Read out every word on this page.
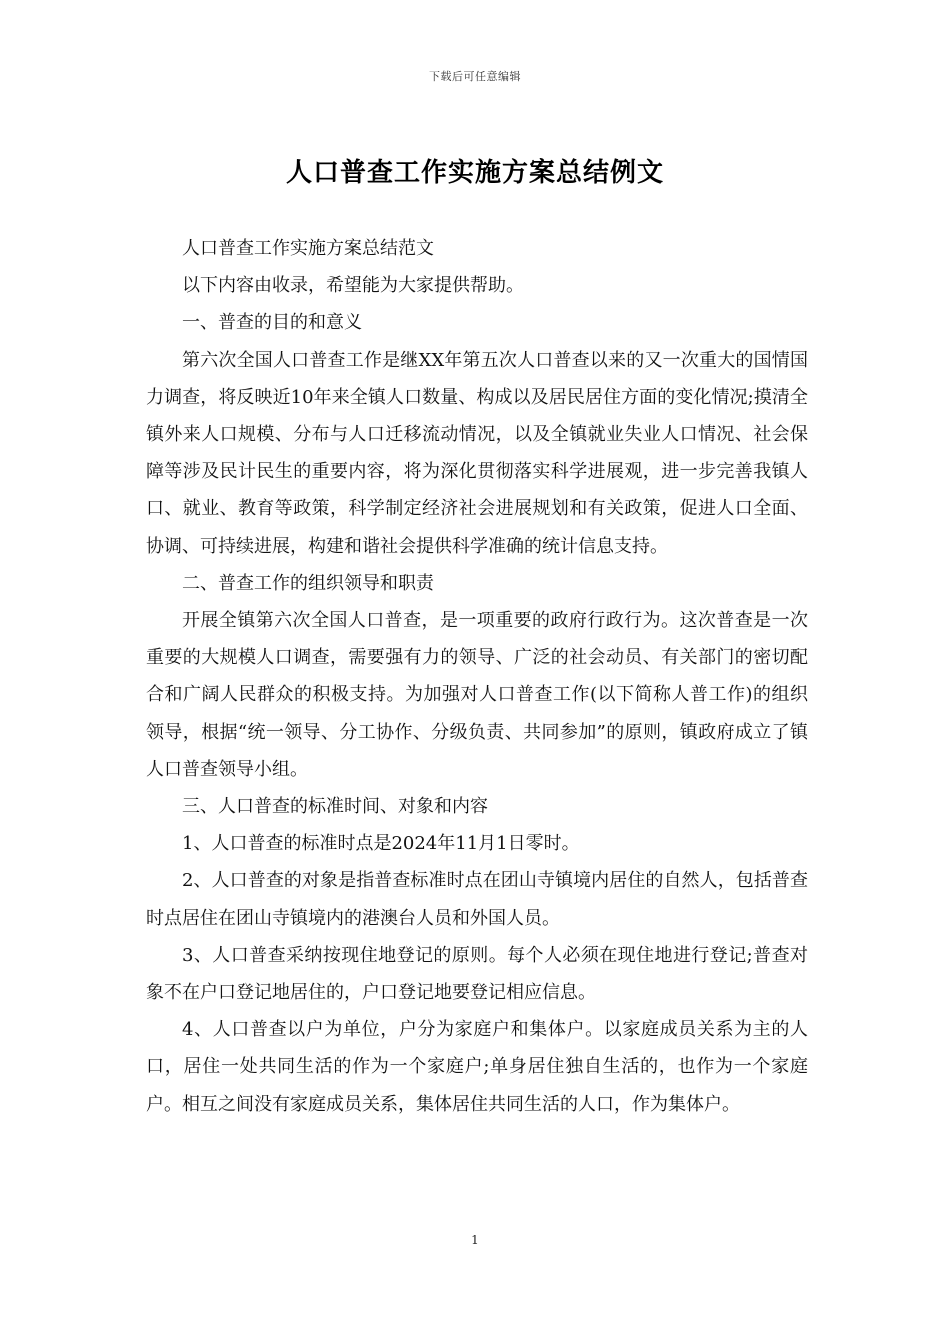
下载后可任意编辑
人口普查工作实施方案总结例文

人口普查工作实施方案总结范文

以下内容由收录，希望能为大家提供帮助。

一、普查的目的和意义

第六次全国人口普查工作是继XX年第五次人口普查以来的又一次重大的国情国力调查，将反映近10年来全镇人口数量、构成以及居民居住方面的变化情况;摸清全镇外来人口规模、分布与人口迁移流动情况，以及全镇就业失业人口情况、社会保障等涉及民计民生的重要内容，将为深化贯彻落实科学进展观，进一步完善我镇人口、就业、教育等政策，科学制定经济社会进展规划和有关政策，促进人口全面、协调、可持续进展，构建和谐社会提供科学准确的统计信息支持。

二、普查工作的组织领导和职责

开展全镇第六次全国人口普查，是一项重要的政府行政行为。这次普查是一次重要的大规模人口调查，需要强有力的领导、广泛的社会动员、有关部门的密切配合和广阔人民群众的积极支持。为加强对人口普查工作(以下简称人普工作)的组织领导，根据“统一领导、分工协作、分级负责、共同参加”的原则，镇政府成立了镇人口普查领导小组。

三、人口普查的标准时间、对象和内容

1、人口普查的标准时点是2024年11月1日零时。

2、人口普查的对象是指普查标准时点在团山寺镇境内居住的自然人，包括普查时点居住在团山寺镇境内的港澳台人员和外国人员。

3、人口普查采纳按现住地登记的原则。每个人必须在现住地进行登记;普查对象不在户口登记地居住的，户口登记地要登记相应信息。

4、人口普查以户为单位，户分为家庭户和集体户。以家庭成员关系为主的人口，居住一处共同生活的作为一个家庭户;单身居住独自生活的，也作为一个家庭户。相互之间没有家庭成员关系，集体居住共同生活的人口，作为集体户。

1
